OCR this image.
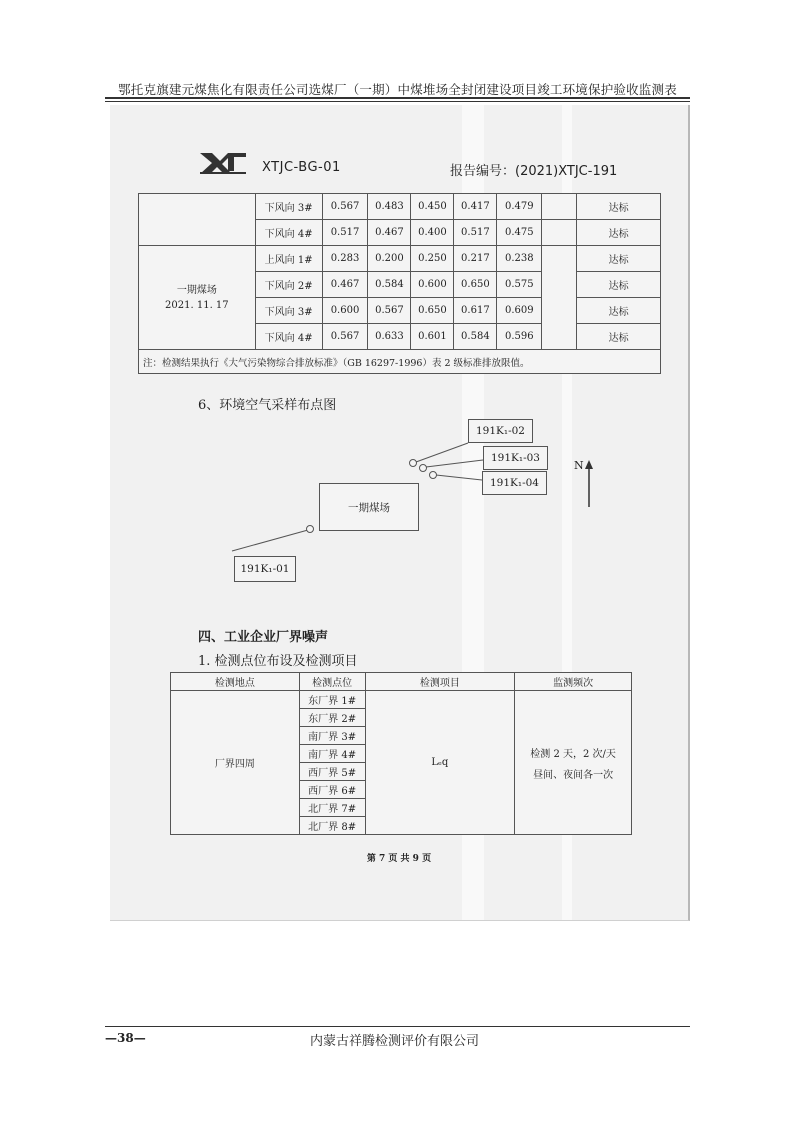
鄂托克旗建元煤焦化有限责任公司选煤厂（一期）中煤堆场全封闭建设项目竣工环境保护验收监测表
XTJC-BG-01	报告编号：(2021)XTJC-191
	下风向 3#	0.567	0.483	0.450	0.417	0.479		达标
	下风向 4#	0.517	0.467	0.400	0.517	0.475		达标

一期煤场
2021. 11. 17	上风向 1#	0.283	0.200	0.250	0.217	0.238		达标
	下风向 2#	0.467	0.584	0.600	0.650	0.575		达标
	下风向 3#	0.600	0.567	0.650	0.617	0.609		达标
	下风向 4#	0.567	0.633	0.601	0.584	0.596		达标
注：检测结果执行《大气污染物综合排放标准》（GB 16297-1996）表 2 级标准排放限值。								
6、环境空气采样布点图
一期煤场
191K₁-01
191K₁-02
191K₁-03
191K₁-04
N
四、工业企业厂界噪声
1. 检测点位布设及检测项目
检测地点	检测点位	检测项目	监测频次
厂界四周	东厂界 1#	Lₑq	检测 2 天，2 次/天
昼间、夜间各一次

	东厂界 2#		
	南厂界 3#		
	南厂界 4#		
	西厂界 5#		
	西厂界 6#		
	北厂界 7#		
	北厂界 8#		
第 7 页 共 9 页
—38—	内蒙古祥腾检测评价有限公司
